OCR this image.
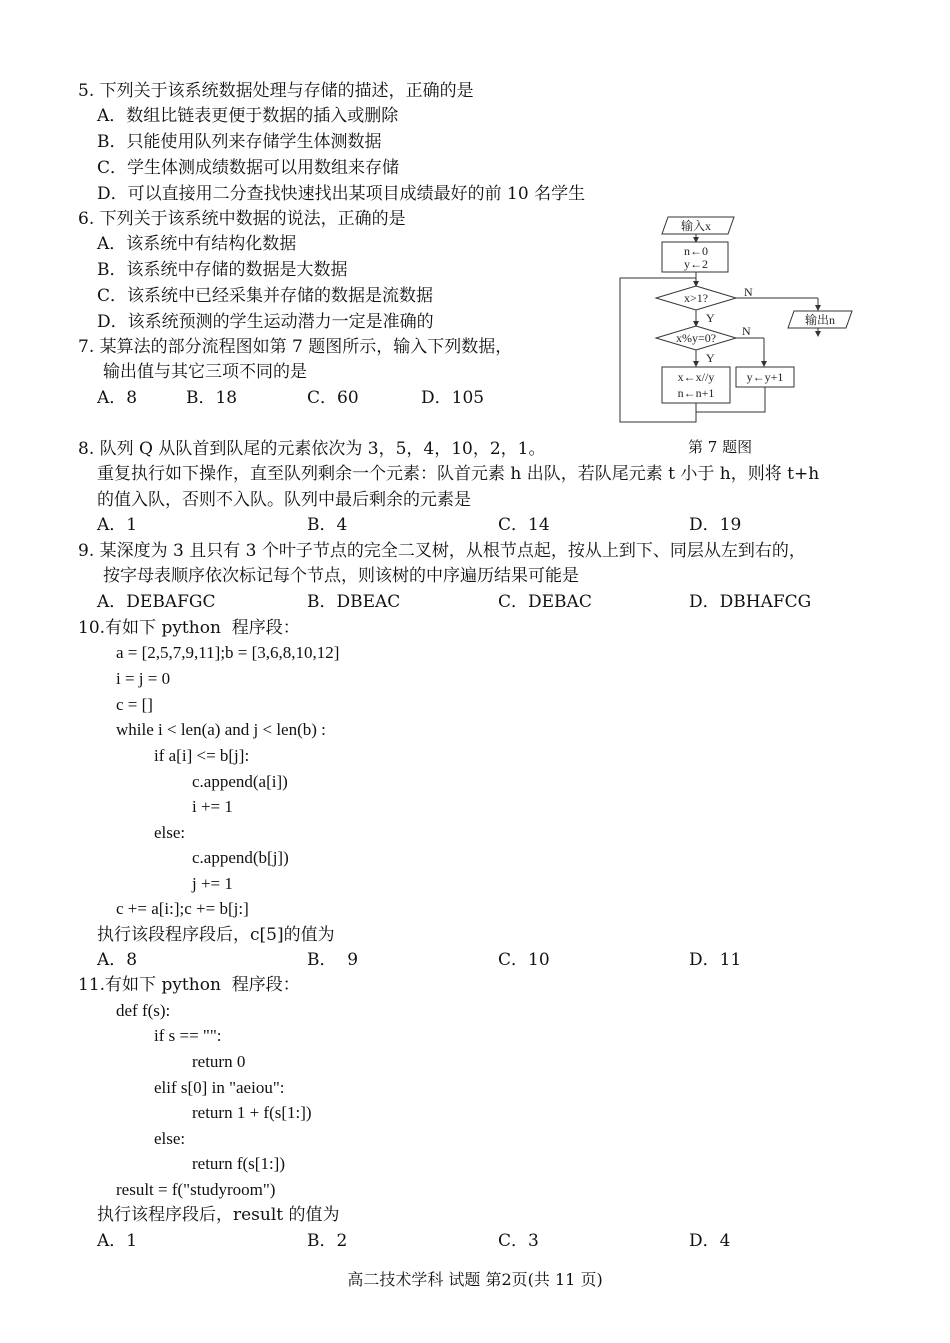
5. 下列关于该系统数据处理与存储的描述，正确的是
A．数组比链表更便于数据的插入或删除
B．只能使用队列来存储学生体测数据
C．学生体测成绩数据可以用数组来存储
D．可以直接用二分查找快速找出某项目成绩最好的前 10 名学生
6. 下列关于该系统中数据的说法，正确的是
A．该系统中有结构化数据
B．该系统中存储的数据是大数据
C．该系统中已经采集并存储的数据是流数据
D．该系统预测的学生运动潜力一定是准确的
7. 某算法的部分流程图如第 7 题图所示，输入下列数据，
输出值与其它三项不同的是
A．8	B．18	C．60	D．105
输入x
n←0
y←2
x>1?	N
输出n
Y
x%y=0? N
y←y+1
Y
x←x//y
n←n+1
第 7 题图
8. 队列 Q 从队首到队尾的元素依次为 3，5，4，10，2，1。
重复执行如下操作，直至队列剩余一个元素：队首元素 h 出队，若队尾元素 t 小于 h，则将 t+h
的值入队，否则不入队。队列中最后剩余的元素是
A．1	B．4	C．14	D．19
9. 某深度为 3 且只有 3 个叶子节点的完全二叉树，从根节点起，按从上到下、同层从左到右的，
按字母表顺序依次标记每个节点，则该树的中序遍历结果可能是
A．DEBAFGC	B．DBEAC	C．DEBAC	D．DBHAFCG
10.有如下 python  程序段：
a = [2,5,7,9,11];b = [3,6,8,10,12]
i = j = 0
c = []
while i < len(a) and j < len(b) :
if a[i] <= b[j]:
c.append(a[i])
i += 1
else:
c.append(b[j])
j += 1
c += a[i:];c += b[j:]
执行该段程序段后，c[5]的值为
A．8	B．  9	C．10	D．11
11.有如下 python  程序段：
def f(s):
if s == "":
return 0
elif s[0] in "aeiou":
return 1 + f(s[1:])
else:
return f(s[1:])
result = f("studyroom")
执行该程序段后，result 的值为
A．1	B．2	C．3	D．4
高二技术学科 试题 第2页(共 11 页)
